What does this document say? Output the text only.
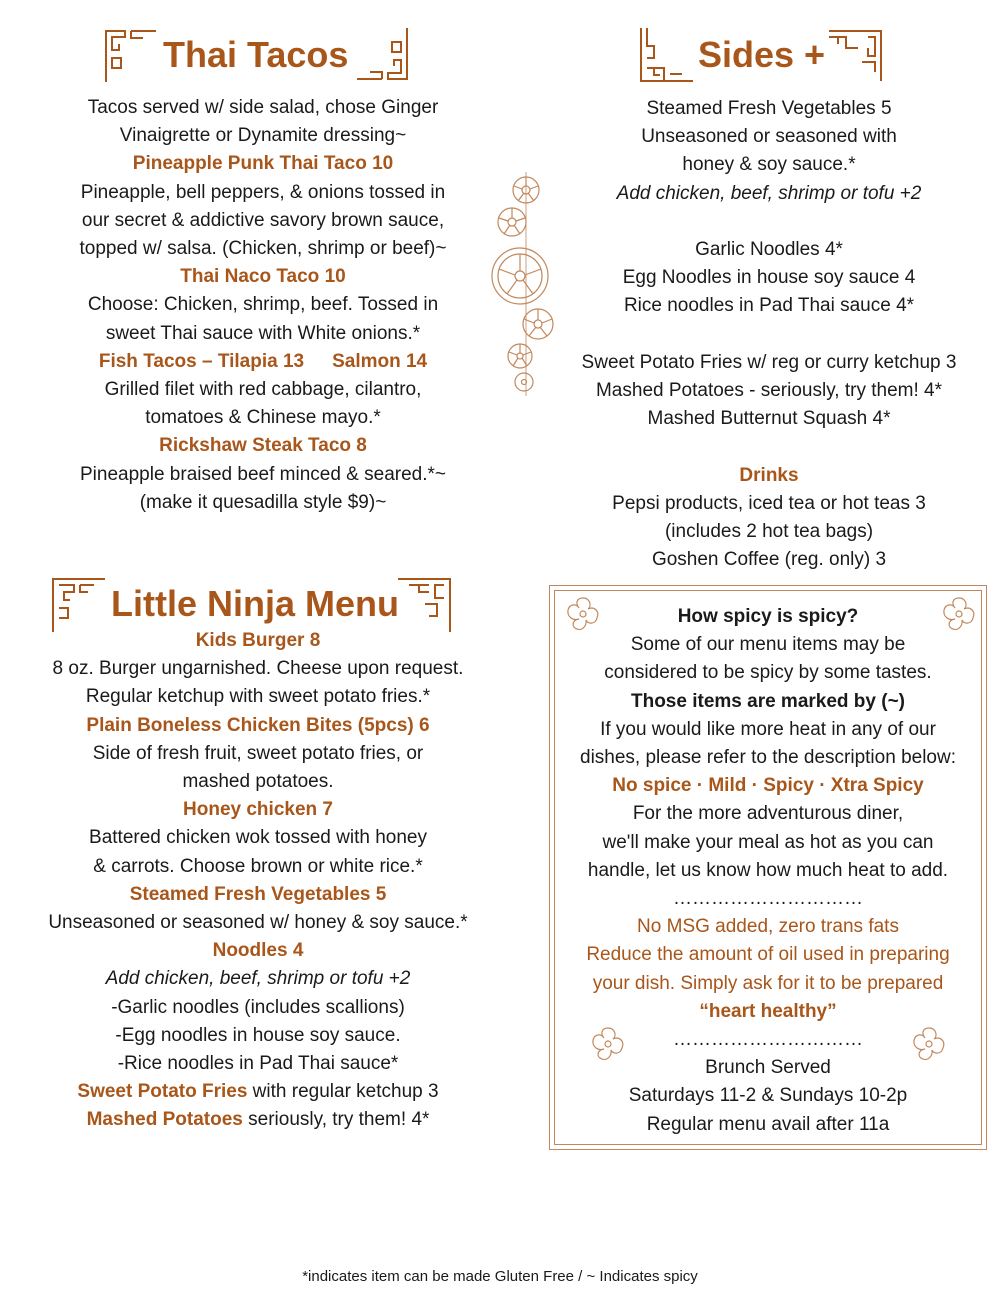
Thai Tacos

Tacos served w/ side salad, chose Ginger

Vinaigrette or Dynamite dressing~

Pineapple Punk Thai Taco 10

Pineapple, bell peppers, & onions tossed in

our secret & addictive savory brown sauce,

topped w/ salsa. (Chicken, shrimp or beef)~

Thai Naco Taco 10

Choose: Chicken, shrimp, beef. Tossed in

sweet Thai sauce with White onions.*

Fish Tacos – Tilapia 13 Salmon 14

Grilled filet with red cabbage, cilantro,

tomatoes & Chinese mayo.*

Rickshaw Steak Taco 8

Pineapple braised beef minced & seared.*~

(make it quesadilla style $9)~

Sides +

Steamed Fresh Vegetables 5

Unseasoned or seasoned with

honey & soy sauce.*

Add chicken, beef, shrimp or tofu +2

Garlic Noodles 4*

Egg Noodles in house soy sauce 4

Rice noodles in Pad Thai sauce 4*

Sweet Potato Fries w/ reg or curry ketchup 3

Mashed Potatoes - seriously, try them! 4*

Mashed Butternut Squash 4*

Drinks

Pepsi products, iced tea or hot teas 3

(includes 2 hot tea bags)

Goshen Coffee (reg. only) 3

Little Ninja Menu

Kids Burger 8

8 oz. Burger ungarnished. Cheese upon request.

Regular ketchup with sweet potato fries.*

Plain Boneless Chicken Bites (5pcs) 6

Side of fresh fruit, sweet potato fries, or

mashed potatoes.

Honey chicken 7

Battered chicken wok tossed with honey

& carrots. Choose brown or white rice.*

Steamed Fresh Vegetables 5

Unseasoned or seasoned w/ honey & soy sauce.*

Noodles 4

Add chicken, beef, shrimp or tofu +2

-Garlic noodles (includes scallions)

-Egg noodles in house soy sauce.

-Rice noodles in Pad Thai sauce*

Sweet Potato Fries with regular ketchup 3

Mashed Potatoes seriously, try them! 4*

How spicy is spicy?

Some of our menu items may be

considered to be spicy by some tastes.

Those items are marked by (~)

If you would like more heat in any of our

dishes, please refer to the description below:

No spice · Mild · Spicy · Xtra Spicy

For the more adventurous diner,

we'll make your meal as hot as you can

handle, let us know how much heat to add.

…………………………

No MSG added, zero trans fats

Reduce the amount of oil used in preparing

your dish. Simply ask for it to be prepared

“heart healthy”

…………………………

Brunch Served

Saturdays 11-2 & Sundays 10-2p

Regular menu avail after 11a

*indicates item can be made Gluten Free / ~ Indicates spicy
